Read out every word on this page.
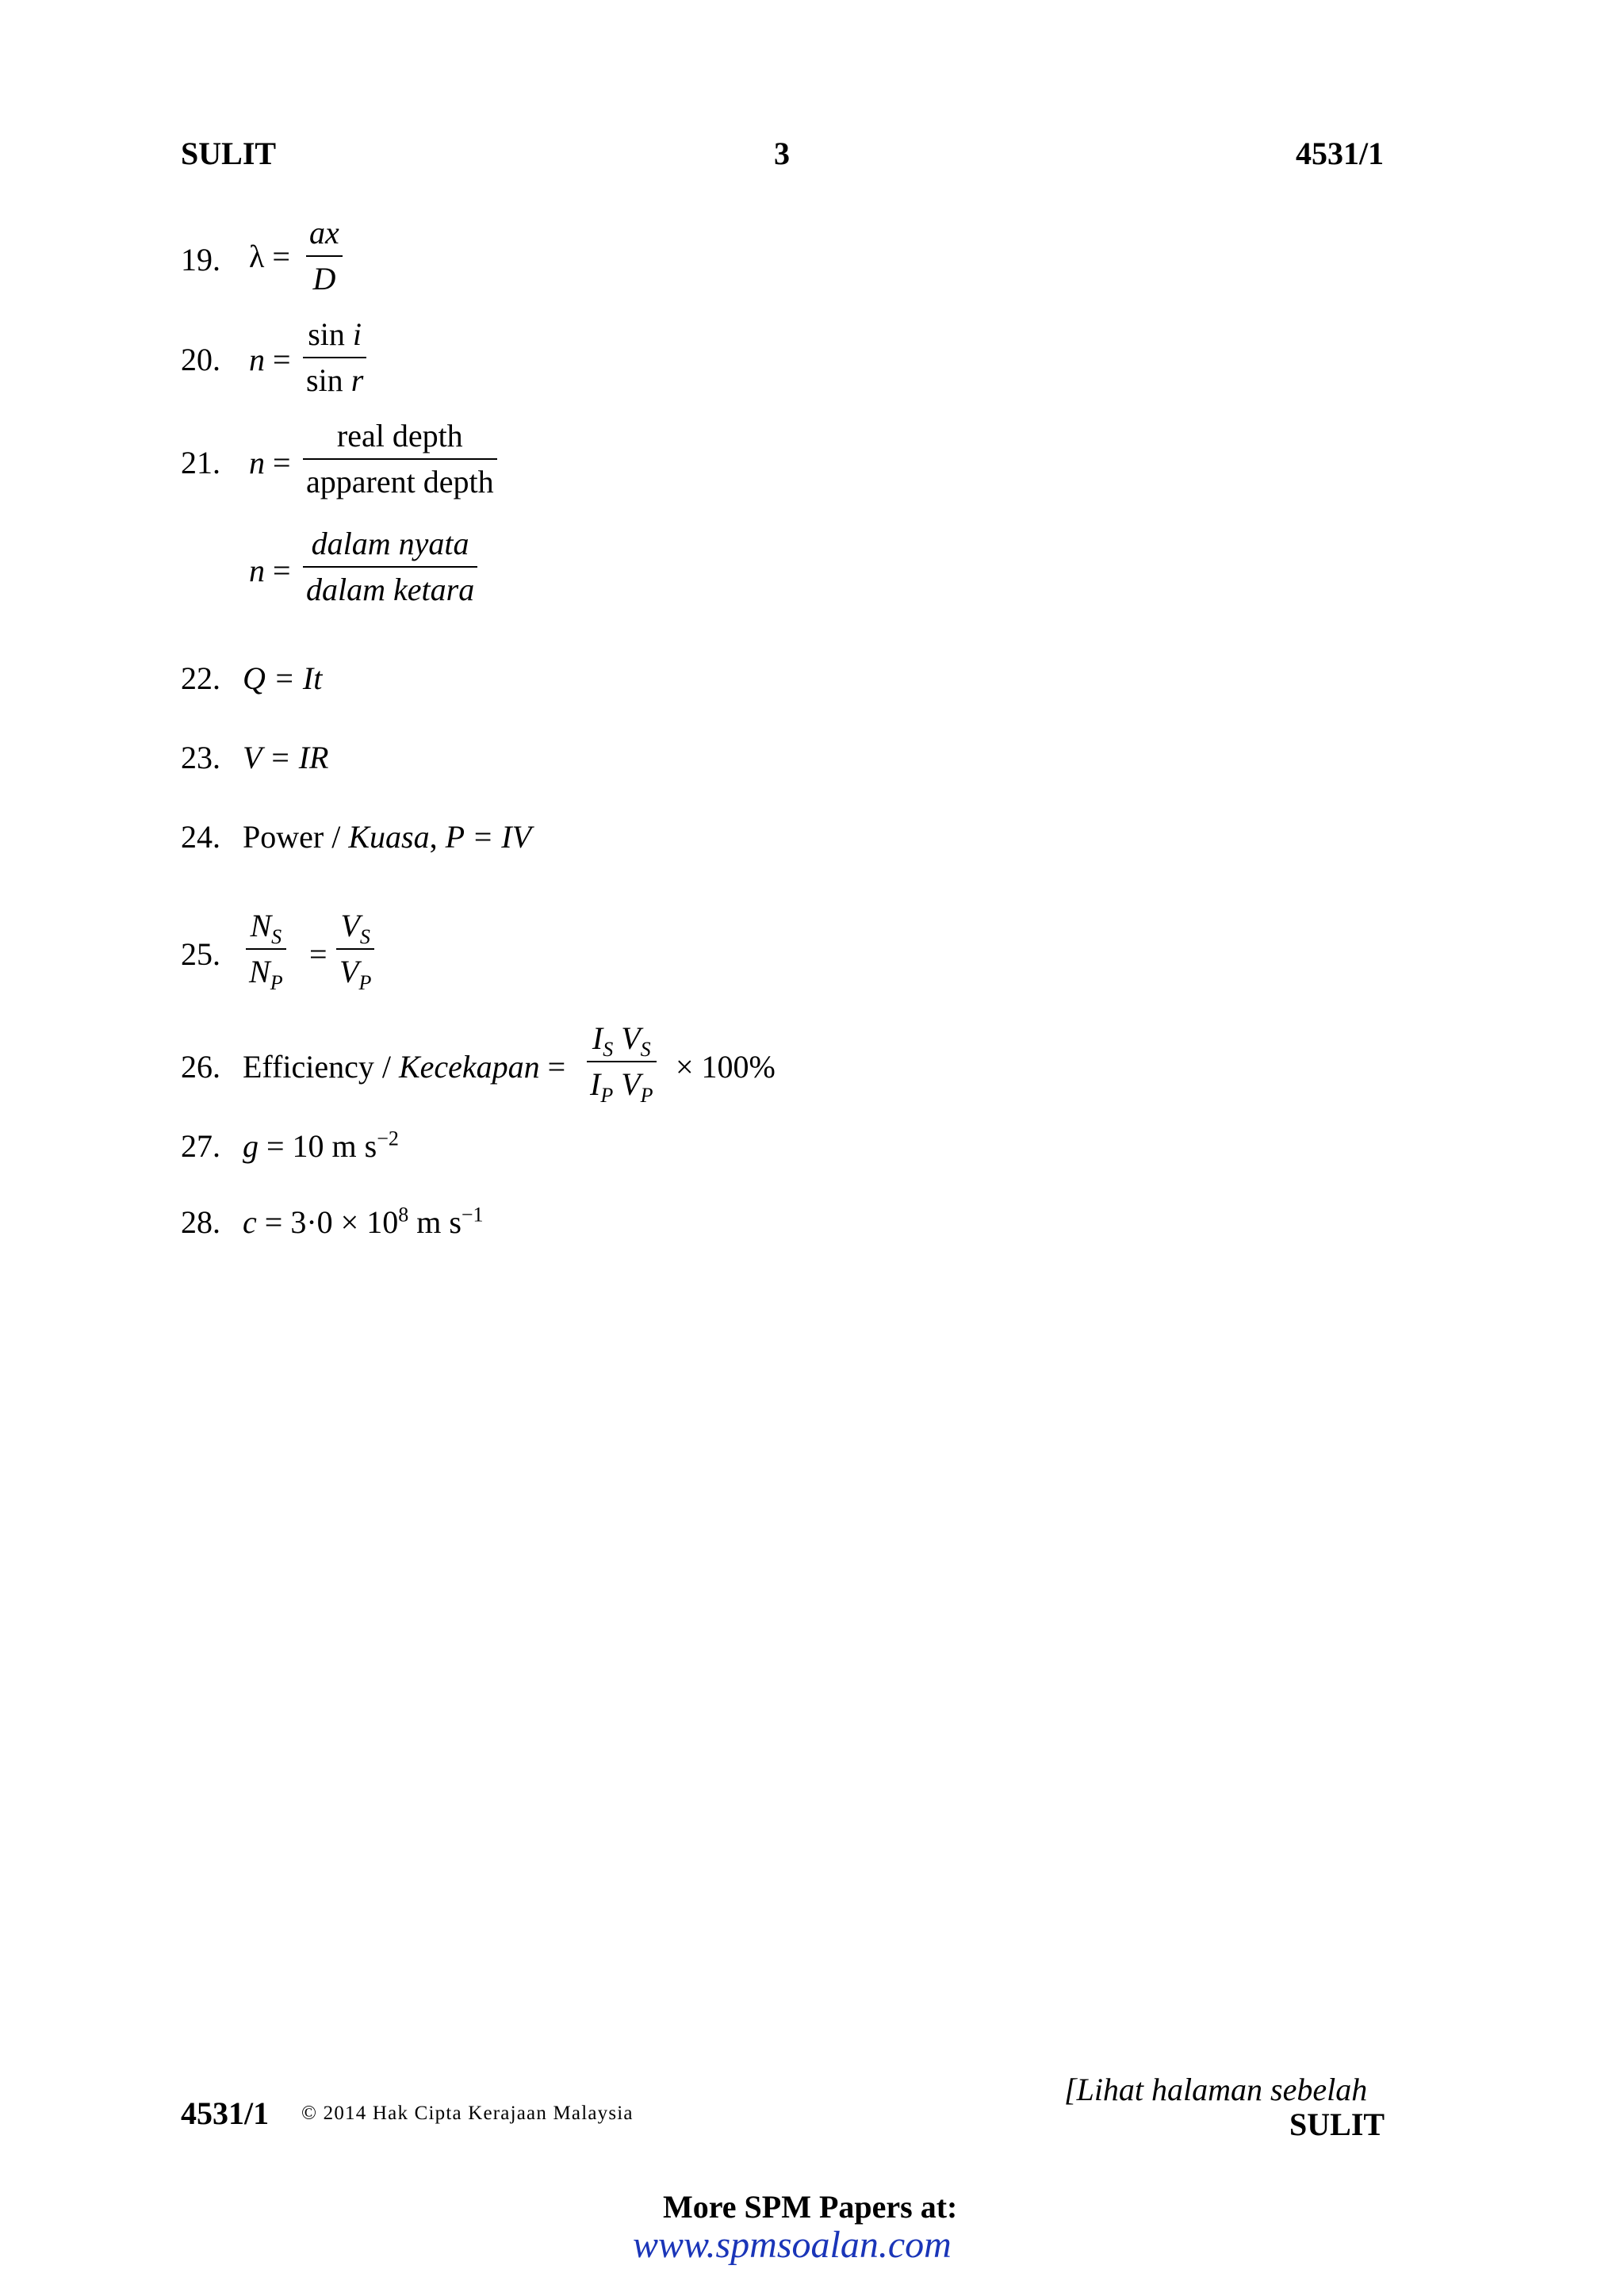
SULIT	3	4531/1
19. λ =
ax
D
20. n =
sin i
sin r
21. n =
real depth
apparent depth
n =
dalam nyata
dalam ketara
22. Q = It
23. V = IR
24. Power / Kuasa, P = IV
25.
$N_S$
$N_P$
=
$V_S$
$V_P$
26. Efficiency / Kecekapan =
$I_S$ $V_S$
$I_P$ $V_P$
× 100%
27. g = 10 m $s^{-2}$
28. $c = 3\cdot 0 \times 10^8$ m $s^{-1}$
[Lihat halaman sebelah
SULIT
4531/1 © 2014 Hak Cipta Kerajaan Malaysia
More SPM Papers at:
www.spmsoalan.com
